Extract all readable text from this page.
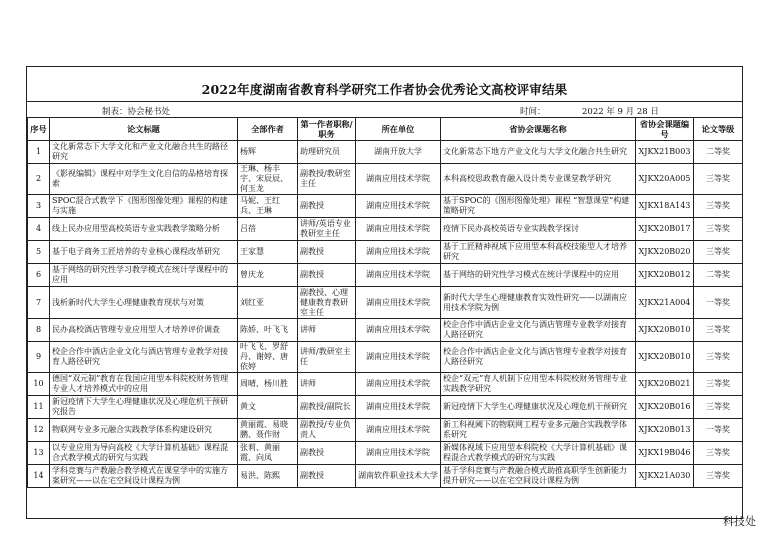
2022年度湖南省教育科学研究工作者协会优秀论文高校评审结果
制表：协会秘书处	时间：	2022 年 9 月 28 日
序号	论文标题	全部作者	第一作者职称/职务	所在单位	省协会课题名称	省协会课题编号	论文等级
1	文化新常态下大学文化和产业文化融合共生的路径研究	杨辉	助理研究员	湖南开放大学	文化新常态下地方产业文化与大学文化融合共生研究	XJKX21B003	二等奖
2	《影视编辑》课程中对学生文化自信的品格培育探索	王琳、杨丰宇、宋辰辰、何玉龙	副教授/教研室主任	湖南应用技术学院	本科高校思政教育融入设计类专业课堂教学研究	XJKX20A005	三等奖
3	SPOC混合式教学下《图形图像处理》课程的构建与实施	马妮、王红兵、王琳	副教授	湖南应用技术学院	基于SPOC的《图形图像处理》课程 “智慧课堂”构建策略研究	XJKX18A143	三等奖
4	线上民办应用型高校英语专业实践教学策略分析	吕蓓	讲师/英语专业教研室主任	湖南应用技术学院	疫情下民办高校英语专业实践教学探讨	XJKX20B017	三等奖
5	基于电子商务工匠培养的专业核心课程改革研究	王家慧	副教授	湖南应用技术学院	基于工匠精神视域下应用型本科高校技能型人才培养研究	XJKX20B020	三等奖
6	基于网络的研究性学习教学模式在统计学课程中的应用	曾庆龙	副教授	湖南应用技术学院	基于网络的研究性学习模式在统计学课程中的应用	XJKX20B012	二等奖
7	浅析新时代大学生心理健康教育现状与对策	刘红亚	副教授、心理健康教育教研室主任	湖南应用技术学院	新时代大学生心理健康教育实效性研究——以湖南应用技术学院为例	XJKX21A004	一等奖
8	民办高校酒店管理专业应用型人才培养评价调查	陈娇、叶飞飞	讲师	湖南应用技术学院	校企合作中酒店企业文化与酒店管理专业教学对接育人路径研究	XJKX20B010	三等奖
9	校企合作中酒店企业文化与酒店管理专业教学对接育人路径研究	叶飞飞、罗舒丹、谢婷、唐依婷	讲师/教研室主任	湖南应用技术学院	校企合作中酒店企业文化与酒店管理专业教学对接育人路径研究	XJKX20B010	三等奖
10	德国“双元制”教育在我国应用型本科院校财务管理专业人才培养模式中的应用	周晴，杨川胜	讲师	湖南应用技术学院	校企“双元”育人机制下应用型本科院校财务管理专业实践教学研究	XJKX20B021	三等奖
11	新冠疫情下大学生心理健康状况及心理危机干预研究报告	黄文	副教授/副院长	湖南应用技术学院	新冠疫情下大学生心理健康状况及心理危机干预研究	XJKX20B016	三等奖
12	物联网专业多元融合实践教学体系构建设研究	黄丽霞、易晓鹏、聂作财	副教授/专业负责人	湖南应用技术学院	新工科视阈下的物联网工程专业多元融合实践教学体系研究	XJKX20B013	一等奖
13	以专业应用为导向高校《大学计算机基础》课程混合式教学模式的研究与实践	张莉、黄丽霞、向凤	副教授	湖南应用技术学院	新媒体视域下应用型本科院校《大学计算机基础》课程混合式教学模式的研究与实践	XJKX19B046	三等奖
14	学科竞赛与产教融合教学模式在课堂学中的实施方案研究——以在宅空间设计课程为例	易洪、陈熙	副教授	湖南软件职业技术大学	基于学科竞赛与产教融合模式助推高职学生创新能力提升研究——以在宅空间设计课程为例	XJKX21A030	三等奖
科技处
